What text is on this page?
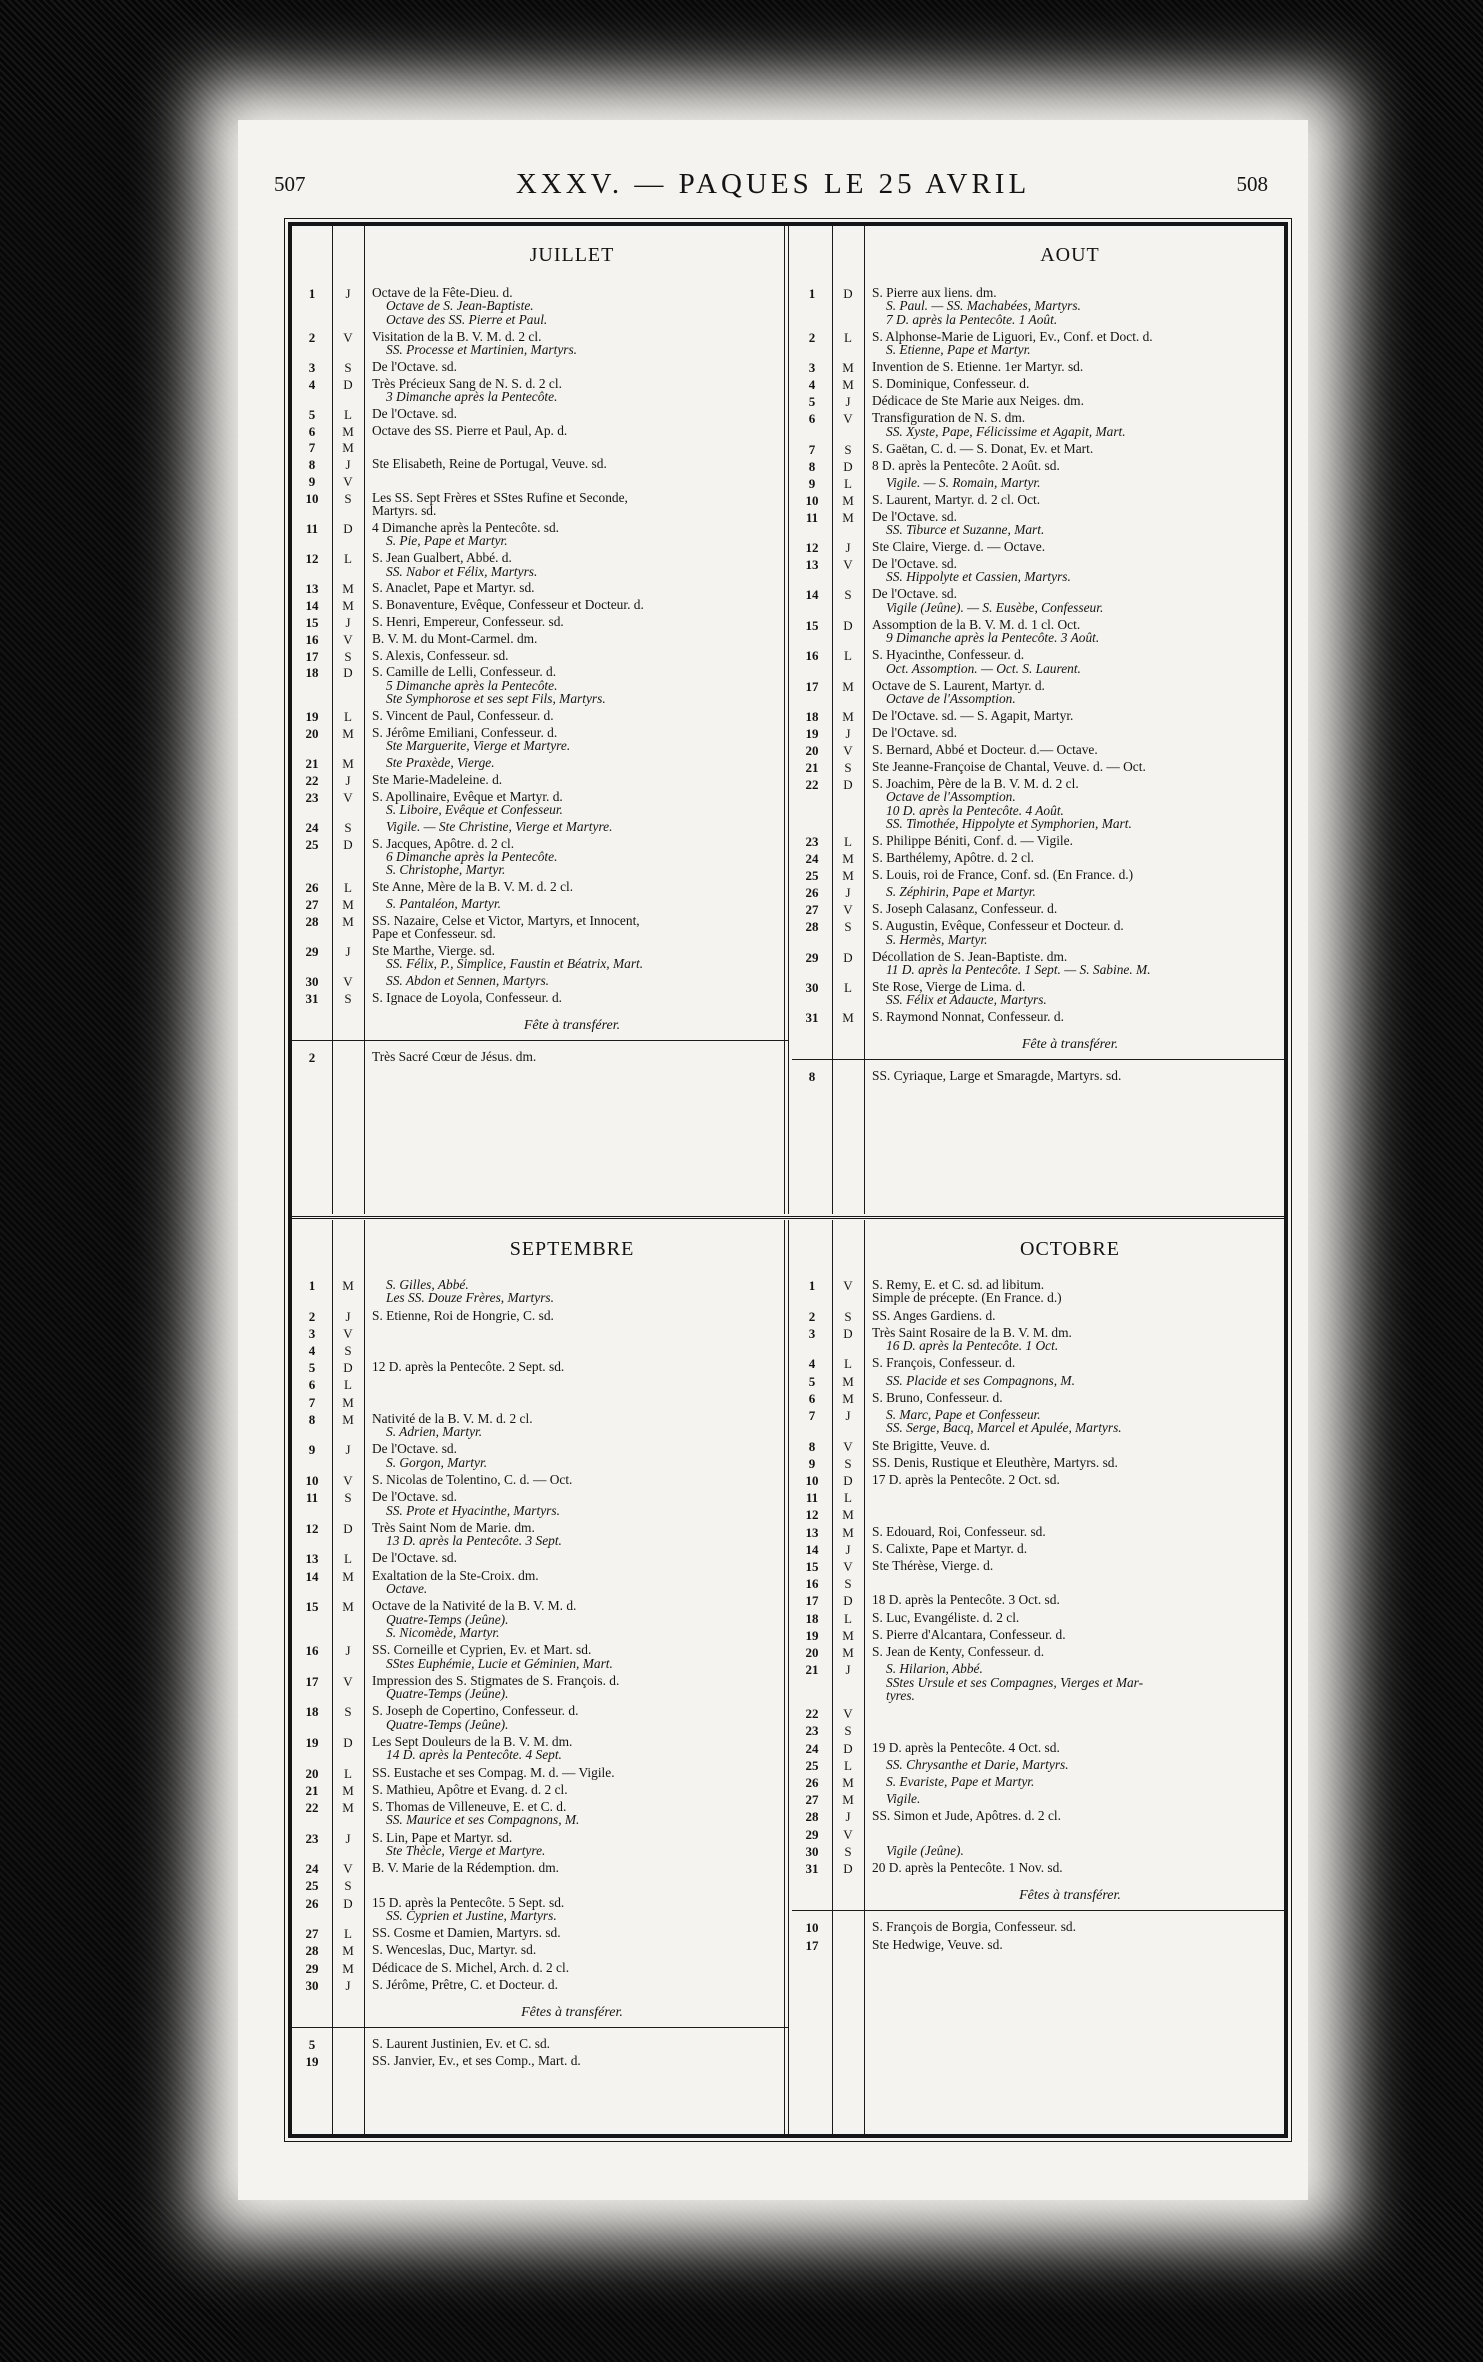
507	XXXV. — PAQUES LE 25 AVRIL	508
JUILLET
1	J	Octave de la Fête-Dieu. d.
Octave de S. Jean-Baptiste.
Octave des SS. Pierre et Paul.
2	V	Visitation de la B. V. M. d. 2 cl.
SS. Processe et Martinien, Martyrs.
3	S	De l'Octave. sd.
4	D	Très Précieux Sang de N. S. d. 2 cl.
3 Dimanche après la Pentecôte.
5	L	De l'Octave. sd.
6	M	Octave des SS. Pierre et Paul, Ap. d.
7	M
8	J	Ste Elisabeth, Reine de Portugal, Veuve. sd.
9	V
10	S	Les SS. Sept Frères et SStes Rufine et Seconde,
Martyrs. sd.
11	D	4 Dimanche après la Pentecôte. sd.
S. Pie, Pape et Martyr.
12	L	S. Jean Gualbert, Abbé. d.
SS. Nabor et Félix, Martyrs.
13	M	S. Anaclet, Pape et Martyr. sd.
14	M	S. Bonaventure, Evêque, Confesseur et Docteur. d.
15	J	S. Henri, Empereur, Confesseur. sd.
16	V	B. V. M. du Mont-Carmel. dm.
17	S	S. Alexis, Confesseur. sd.
18	D	S. Camille de Lelli, Confesseur. d.
5 Dimanche après la Pentecôte.
Ste Symphorose et ses sept Fils, Martyrs.
19	L	S. Vincent de Paul, Confesseur. d.
20	M	S. Jérôme Emiliani, Confesseur. d.
Ste Marguerite, Vierge et Martyre.
21	M	Ste Praxède, Vierge.
22	J	Ste Marie-Madeleine. d.
23	V	S. Apollinaire, Evêque et Martyr. d.
S. Liboire, Evêque et Confesseur.
24	S	Vigile. — Ste Christine, Vierge et Martyre.
25	D	S. Jacques, Apôtre. d. 2 cl.
6 Dimanche après la Pentecôte.
S. Christophe, Martyr.
26	L	Ste Anne, Mère de la B. V. M. d. 2 cl.
27	M	S. Pantaléon, Martyr.
28	M	SS. Nazaire, Celse et Victor, Martyrs, et Innocent,
Pape et Confesseur. sd.
29	J	Ste Marthe, Vierge. sd.
SS. Félix, P., Simplice, Faustin et Béatrix, Mart.
30	V	SS. Abdon et Sennen, Martyrs.
31	S	S. Ignace de Loyola, Confesseur. d.
Fête à transférer.
2	Très Sacré Cœur de Jésus. dm.
AOUT
1	D	S. Pierre aux liens. dm.
S. Paul. — SS. Machabées, Martyrs.
7 D. après la Pentecôte. 1 Août.
2	L	S. Alphonse-Marie de Liguori, Ev., Conf. et Doct. d.
S. Etienne, Pape et Martyr.
3	M	Invention de S. Etienne. 1er Martyr. sd.
4	M	S. Dominique, Confesseur. d.
5	J	Dédicace de Ste Marie aux Neiges. dm.
6	V	Transfiguration de N. S. dm.
SS. Xyste, Pape, Félicissime et Agapit, Mart.
7	S	S. Gaëtan, C. d. — S. Donat, Ev. et Mart.
8	D	8 D. après la Pentecôte. 2 Août. sd.
9	L	Vigile. — S. Romain, Martyr.
10	M	S. Laurent, Martyr. d. 2 cl. Oct.
11	M	De l'Octave. sd.
SS. Tiburce et Suzanne, Mart.
12	J	Ste Claire, Vierge. d. — Octave.
13	V	De l'Octave. sd.
SS. Hippolyte et Cassien, Martyrs.
14	S	De l'Octave. sd.
Vigile (Jeûne). — S. Eusèbe, Confesseur.
15	D	Assomption de la B. V. M. d. 1 cl. Oct.
9 Dimanche après la Pentecôte. 3 Août.
16	L	S. Hyacinthe, Confesseur. d.
Oct. Assomption. — Oct. S. Laurent.
17	M	Octave de S. Laurent, Martyr. d.
Octave de l'Assomption.
18	M	De l'Octave. sd. — S. Agapit, Martyr.
19	J	De l'Octave. sd.
20	V	S. Bernard, Abbé et Docteur. d.— Octave.
21	S	Ste Jeanne-Françoise de Chantal, Veuve. d. — Oct.
22	D	S. Joachim, Père de la B. V. M. d. 2 cl.
Octave de l'Assomption.
10 D. après la Pentecôte. 4 Août.
SS. Timothée, Hippolyte et Symphorien, Mart.
23	L	S. Philippe Béniti, Conf. d. — Vigile.
24	M	S. Barthélemy, Apôtre. d. 2 cl.
25	M	S. Louis, roi de France, Conf. sd. (En France. d.)
26	J	S. Zéphirin, Pape et Martyr.
27	V	S. Joseph Calasanz, Confesseur. d.
28	S	S. Augustin, Evêque, Confesseur et Docteur. d.
S. Hermès, Martyr.
29	D	Décollation de S. Jean-Baptiste. dm.
11 D. après la Pentecôte. 1 Sept. — S. Sabine. M.
30	L	Ste Rose, Vierge de Lima. d.
SS. Félix et Adaucte, Martyrs.
31	M	S. Raymond Nonnat, Confesseur. d.
Fête à transférer.
8	SS. Cyriaque, Large et Smaragde, Martyrs. sd.
SEPTEMBRE
1	M	S. Gilles, Abbé.
Les SS. Douze Frères, Martyrs.
2	J	S. Etienne, Roi de Hongrie, C. sd.
3	V
4	S
5	D	12 D. après la Pentecôte. 2 Sept. sd.
6	L
7	M
8	M	Nativité de la B. V. M. d. 2 cl.
S. Adrien, Martyr.
9	J	De l'Octave. sd.
S. Gorgon, Martyr.
10	V	S. Nicolas de Tolentino, C. d. — Oct.
11	S	De l'Octave. sd.
SS. Prote et Hyacinthe, Martyrs.
12	D	Très Saint Nom de Marie. dm.
13 D. après la Pentecôte. 3 Sept.
13	L	De l'Octave. sd.
14	M	Exaltation de la Ste-Croix. dm.
Octave.
15	M	Octave de la Nativité de la B. V. M. d.
Quatre-Temps (Jeûne).
S. Nicomède, Martyr.
16	J	SS. Corneille et Cyprien, Ev. et Mart. sd.
SStes Euphémie, Lucie et Géminien, Mart.
17	V	Impression des S. Stigmates de S. François. d.
Quatre-Temps (Jeûne).
18	S	S. Joseph de Copertino, Confesseur. d.
Quatre-Temps (Jeûne).
19	D	Les Sept Douleurs de la B. V. M. dm.
14 D. après la Pentecôte. 4 Sept.
20	L	SS. Eustache et ses Compag. M. d. — Vigile.
21	M	S. Mathieu, Apôtre et Evang. d. 2 cl.
22	M	S. Thomas de Villeneuve, E. et C. d.
SS. Maurice et ses Compagnons, M.
23	J	S. Lin, Pape et Martyr. sd.
Ste Thècle, Vierge et Martyre.
24	V	B. V. Marie de la Rédemption. dm.
25	S
26	D	15 D. après la Pentecôte. 5 Sept. sd.
SS. Cyprien et Justine, Martyrs.
27	L	SS. Cosme et Damien, Martyrs. sd.
28	M	S. Wenceslas, Duc, Martyr. sd.
29	M	Dédicace de S. Michel, Arch. d. 2 cl.
30	J	S. Jérôme, Prêtre, C. et Docteur. d.
Fêtes à transférer.
5	S. Laurent Justinien, Ev. et C. sd.
19	SS. Janvier, Ev., et ses Comp., Mart. d.
OCTOBRE
1	V	S. Remy, E. et C. sd. ad libitum.
Simple de précepte. (En France. d.)
2	S	SS. Anges Gardiens. d.
3	D	Très Saint Rosaire de la B. V. M. dm.
16 D. après la Pentecôte. 1 Oct.
4	L	S. François, Confesseur. d.
5	M	SS. Placide et ses Compagnons, M.
6	M	S. Bruno, Confesseur. d.
7	J	S. Marc, Pape et Confesseur.
SS. Serge, Bacq, Marcel et Apulée, Martyrs.
8	V	Ste Brigitte, Veuve. d.
9	S	SS. Denis, Rustique et Eleuthère, Martyrs. sd.
10	D	17 D. après la Pentecôte. 2 Oct. sd.
11	L
12	M
13	M	S. Edouard, Roi, Confesseur. sd.
14	J	S. Calixte, Pape et Martyr. d.
15	V	Ste Thérèse, Vierge. d.
16	S
17	D	18 D. après la Pentecôte. 3 Oct. sd.
18	L	S. Luc, Evangéliste. d. 2 cl.
19	M	S. Pierre d'Alcantara, Confesseur. d.
20	M	S. Jean de Kenty, Confesseur. d.
21	J	S. Hilarion, Abbé.
SStes Ursule et ses Compagnes, Vierges et Mar-
tyres.
22	V
23	S
24	D	19 D. après la Pentecôte. 4 Oct. sd.
25	L	SS. Chrysanthe et Darie, Martyrs.
26	M	S. Evariste, Pape et Martyr.
27	M	Vigile.
28	J	SS. Simon et Jude, Apôtres. d. 2 cl.
29	V
30	S	Vigile (Jeûne).
31	D	20 D. après la Pentecôte. 1 Nov. sd.
Fêtes à transférer.
10	S. François de Borgia, Confesseur. sd.
17	Ste Hedwige, Veuve. sd.
